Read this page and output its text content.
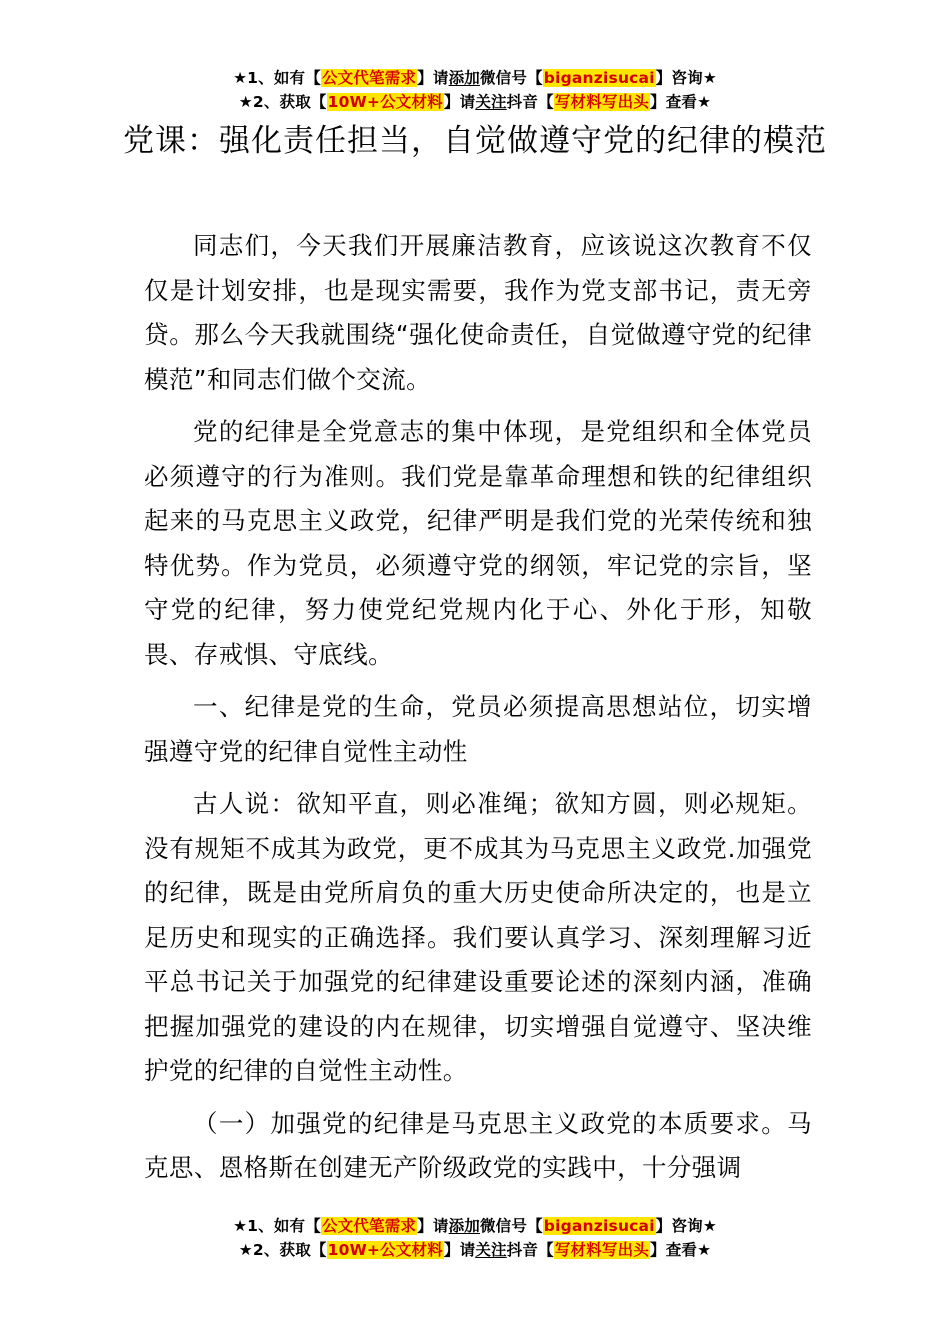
★1、如有【公文代笔需求】请添加微信号【biganzisucai】咨询★
★2、获取【10W+公文材料】请关注抖音【写材料写出头】查看★
党课：强化责任担当，自觉做遵守党的纪律的模范

同志们，今天我们开展廉洁教育，应该说这次教育不仅仅是计划安排，也是现实需要，我作为党支部书记，责无旁贷。那么今天我就围绕“强化使命责任，自觉做遵守党的纪律模范”和同志们做个交流。

党的纪律是全党意志的集中体现，是党组织和全体党员必须遵守的行为准则。我们党是靠革命理想和铁的纪律组织起来的马克思主义政党，纪律严明是我们党的光荣传统和独特优势。作为党员，必须遵守党的纲领，牢记党的宗旨，坚守党的纪律，努力使党纪党规内化于心、外化于形，知敬畏、存戒惧、守底线。

一、纪律是党的生命，党员必须提高思想站位，切实增强遵守党的纪律自觉性主动性

古人说：欲知平直，则必准绳；欲知方圆，则必规矩。没有规矩不成其为政党，更不成其为马克思主义政党.加强党的纪律，既是由党所肩负的重大历史使命所决定的，也是立足历史和现实的正确选择。我们要认真学习、深刻理解习近平总书记关于加强党的纪律建设重要论述的深刻内涵，准确把握加强党的建设的内在规律，切实增强自觉遵守、坚决维护党的纪律的自觉性主动性。

（一）加强党的纪律是马克思主义政党的本质要求。马克思、恩格斯在创建无产阶级政党的实践中，十分强调

★1、如有【公文代笔需求】请添加微信号【biganzisucai】咨询★
★2、获取【10W+公文材料】请关注抖音【写材料写出头】查看★
